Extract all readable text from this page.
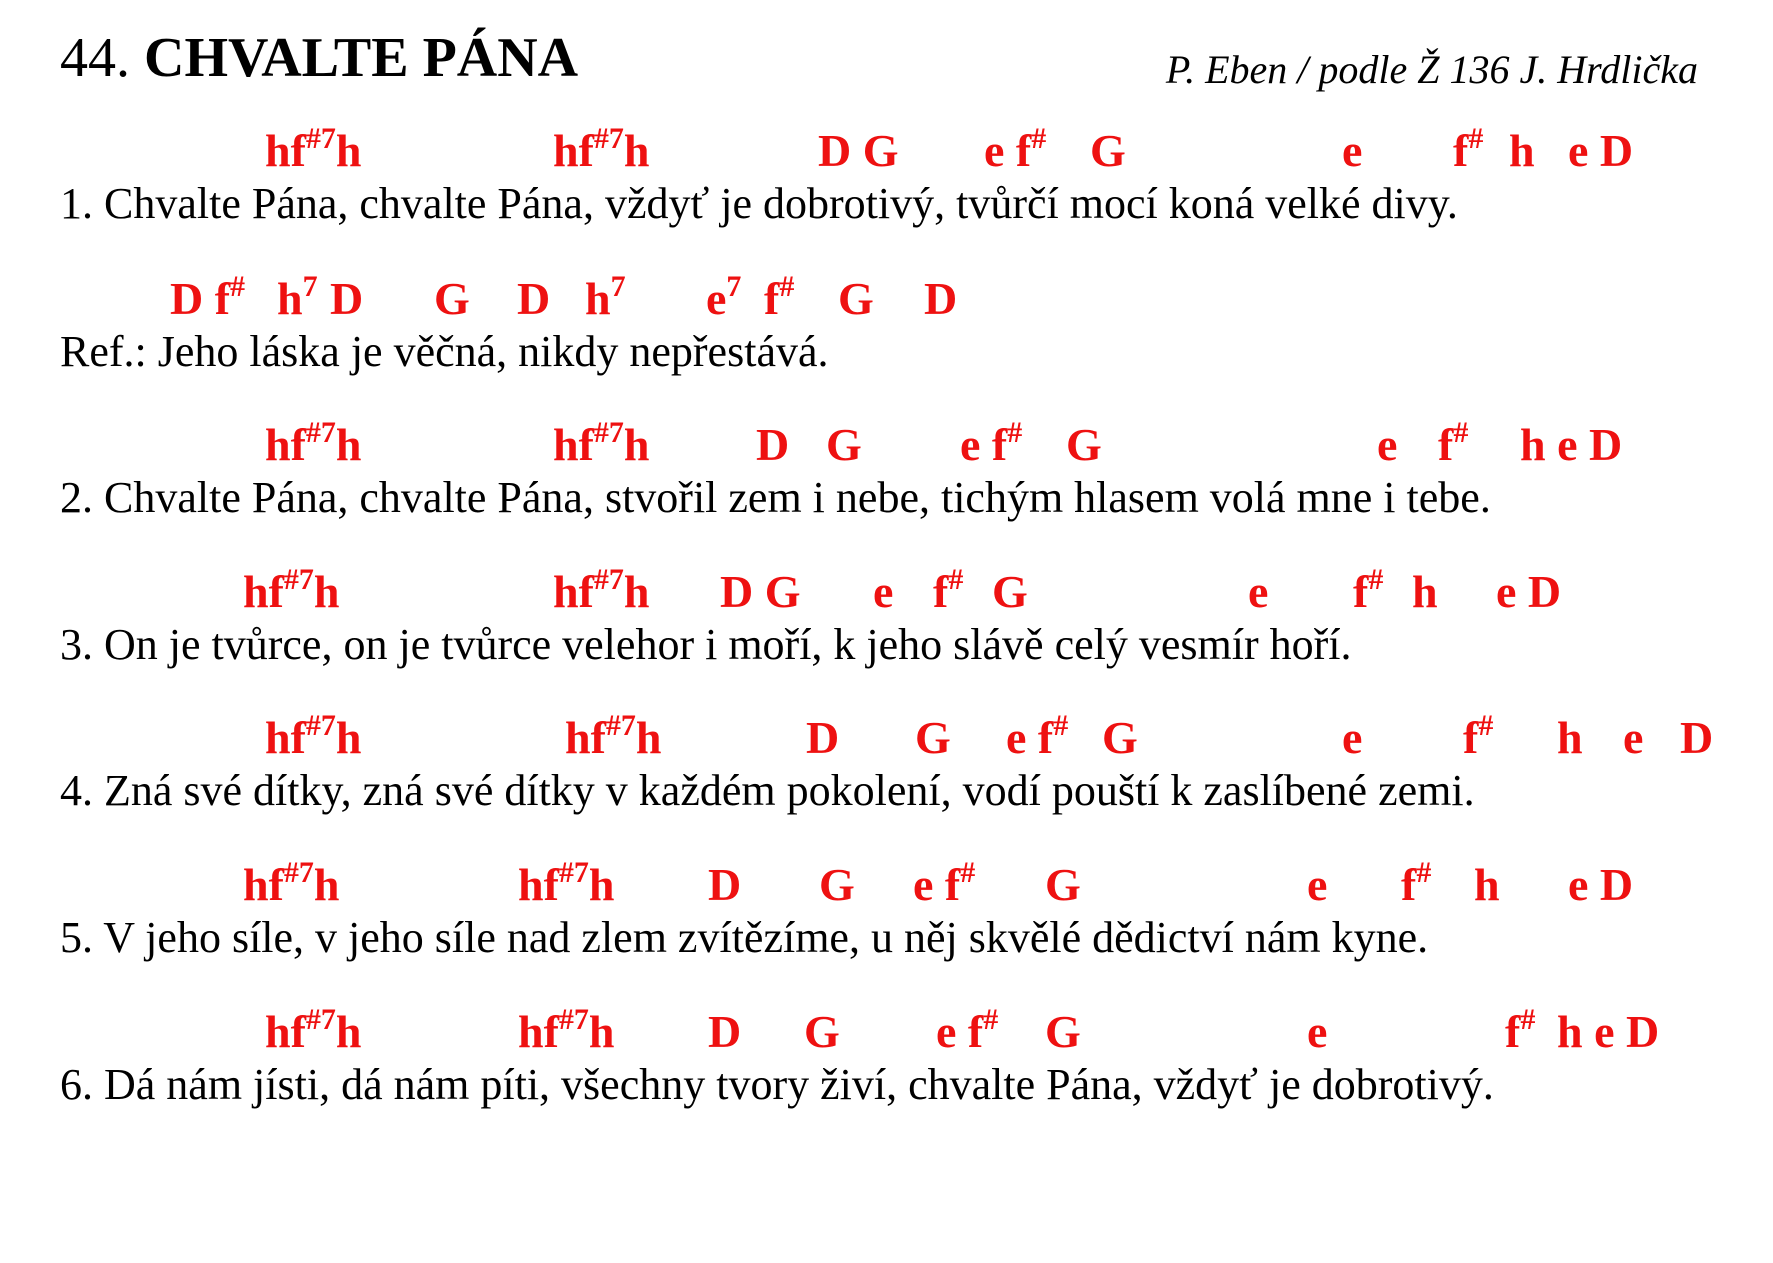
44. CHVALTE PÁNA	P. Eben / podle Ž 136 J. Hrdlička
$hf^{\#7}h$	$hf^{\#7}h$	D G e f# G	e f# h e D
1. Chvalte Pána, chvalte Pána, vždyť je dobrotivý, tvůrčí mocí koná velké divy.
D f# $h^7$ D G D $h^7$ $e^7$ f# G D
Ref.: Jeho láska je věčná, nikdy nepřestává.
$hf^{\#7}h$	$hf^{\#7}h$ D G e f# G	e f# h e D
2. Chvalte Pána, chvalte Pána, stvořil zem i nebe, tichým hlasem volá mne i tebe.
$hf^{\#7}h$	$hf^{\#7}h$ D G e f# G	e f# h e D
3. On je tvůrce, on je tvůrce velehor i moří, k jeho slávě celý vesmír hoří.
$hf^{\#7}h$	$hf^{\#7}h$	D G e f# G	e f# h e D
4. Zná své dítky, zná své dítky v každém pokolení, vodí pouští k zaslíbené zemi.
$hf^{\#7}h$	$hf^{\#7}h$ D G e f# G	e f# h e D
5. V jeho síle, v jeho síle nad zlem zvítězíme, u něj skvělé dědictví nám kyne.
$hf^{\#7}h$	$hf^{\#7}h$ D G e f# G	e	f# h e D
6. Dá nám jísti, dá nám píti, všechny tvory živí, chvalte Pána, vždyť je dobrotivý.
